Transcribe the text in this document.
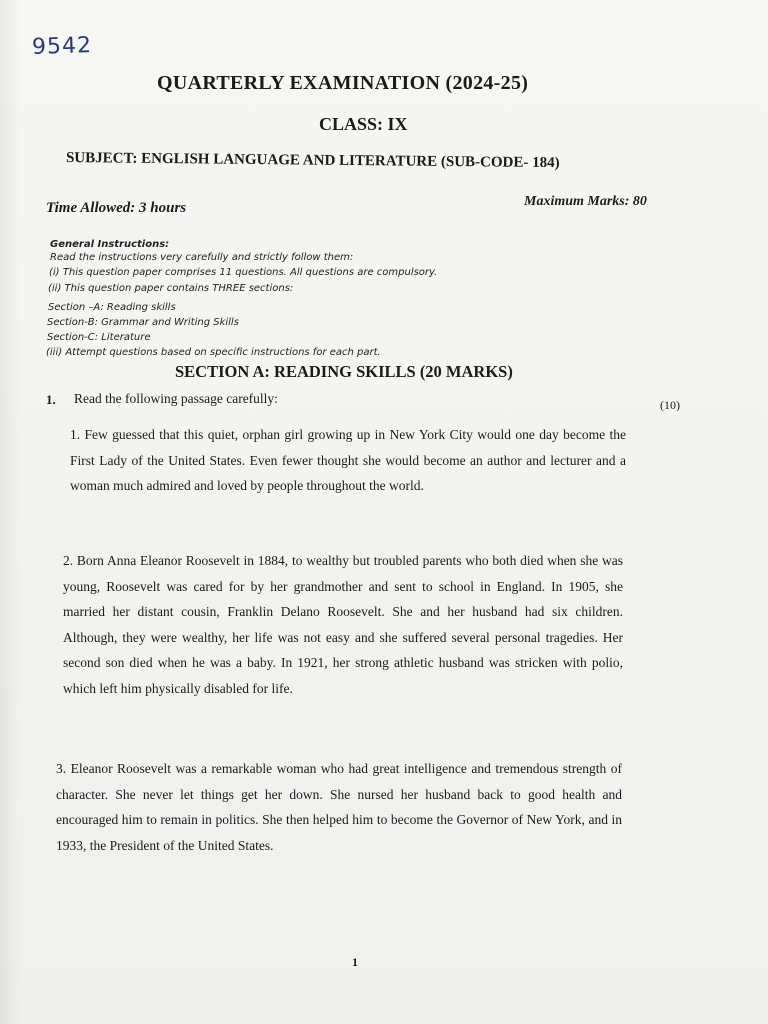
9542
QUARTERLY EXAMINATION (2024-25)
CLASS: IX
SUBJECT: ENGLISH LANGUAGE AND LITERATURE (SUB-CODE- 184)
Time Allowed: 3 hours	Maximum Marks: 80
General Instructions:
Read the instructions very carefully and strictly follow them:
(i) This question paper comprises 11 questions. All questions are compulsory.
(ii) This question paper contains THREE sections:
Section –A: Reading skills
Section-B: Grammar and Writing Skills
Section-C: Literature
(iii) Attempt questions based on specific instructions for each part.
SECTION A: READING SKILLS (20 MARKS)
1. Read the following passage carefully:	(10)
1. Few guessed that this quiet, orphan girl growing up in New York City would one day become the First Lady of the United States. Even fewer thought she would become an author and lecturer and a woman much admired and loved by people throughout the world.
2. Born Anna Eleanor Roosevelt in 1884, to wealthy but troubled parents who both died when she was young, Roosevelt was cared for by her grandmother and sent to school in England. In 1905, she married her distant cousin, Franklin Delano Roosevelt. She and her husband had six children. Although, they were wealthy, her life was not easy and she suffered several personal tragedies. Her second son died when he was a baby. In 1921, her strong athletic husband was stricken with polio, which left him physically disabled for life.
3. Eleanor Roosevelt was a remarkable woman who had great intelligence and tremendous strength of character. She never let things get her down. She nursed her husband back to good health and encouraged him to remain in politics. She then helped him to become the Governor of New York, and in 1933, the President of the United States.
1
